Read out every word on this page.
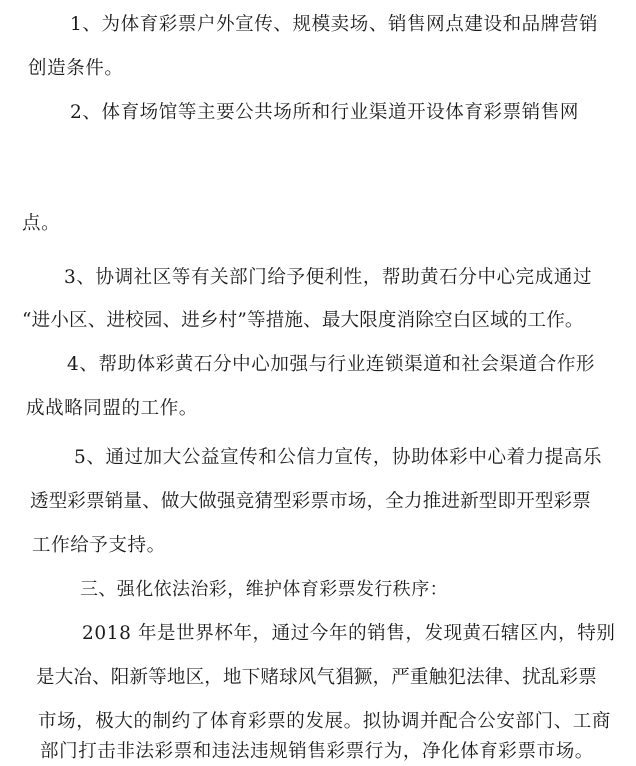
1、为体育彩票户外宣传、规模卖场、销售网点建设和品牌营销
创造条件。
2、体育场馆等主要公共场所和行业渠道开设体育彩票销售网
点。
3、协调社区等有关部门给予便利性，帮助黄石分中心完成通过
“进小区、进校园、进乡村”等措施、最大限度消除空白区域的工作。
4、帮助体彩黄石分中心加强与行业连锁渠道和社会渠道合作形
成战略同盟的工作。
5、通过加大公益宣传和公信力宣传，协助体彩中心着力提高乐
透型彩票销量、做大做强竞猜型彩票市场，全力推进新型即开型彩票
工作给予支持。
三、强化依法治彩，维护体育彩票发行秩序：
2018 年是世界杯年，通过今年的销售，发现黄石辖区内，特别
是大冶、阳新等地区，地下赌球风气猖獗，严重触犯法律、扰乱彩票
市场，极大的制约了体育彩票的发展。拟协调并配合公安部门、工商
部门打击非法彩票和违法违规销售彩票行为，净化体育彩票市场。
